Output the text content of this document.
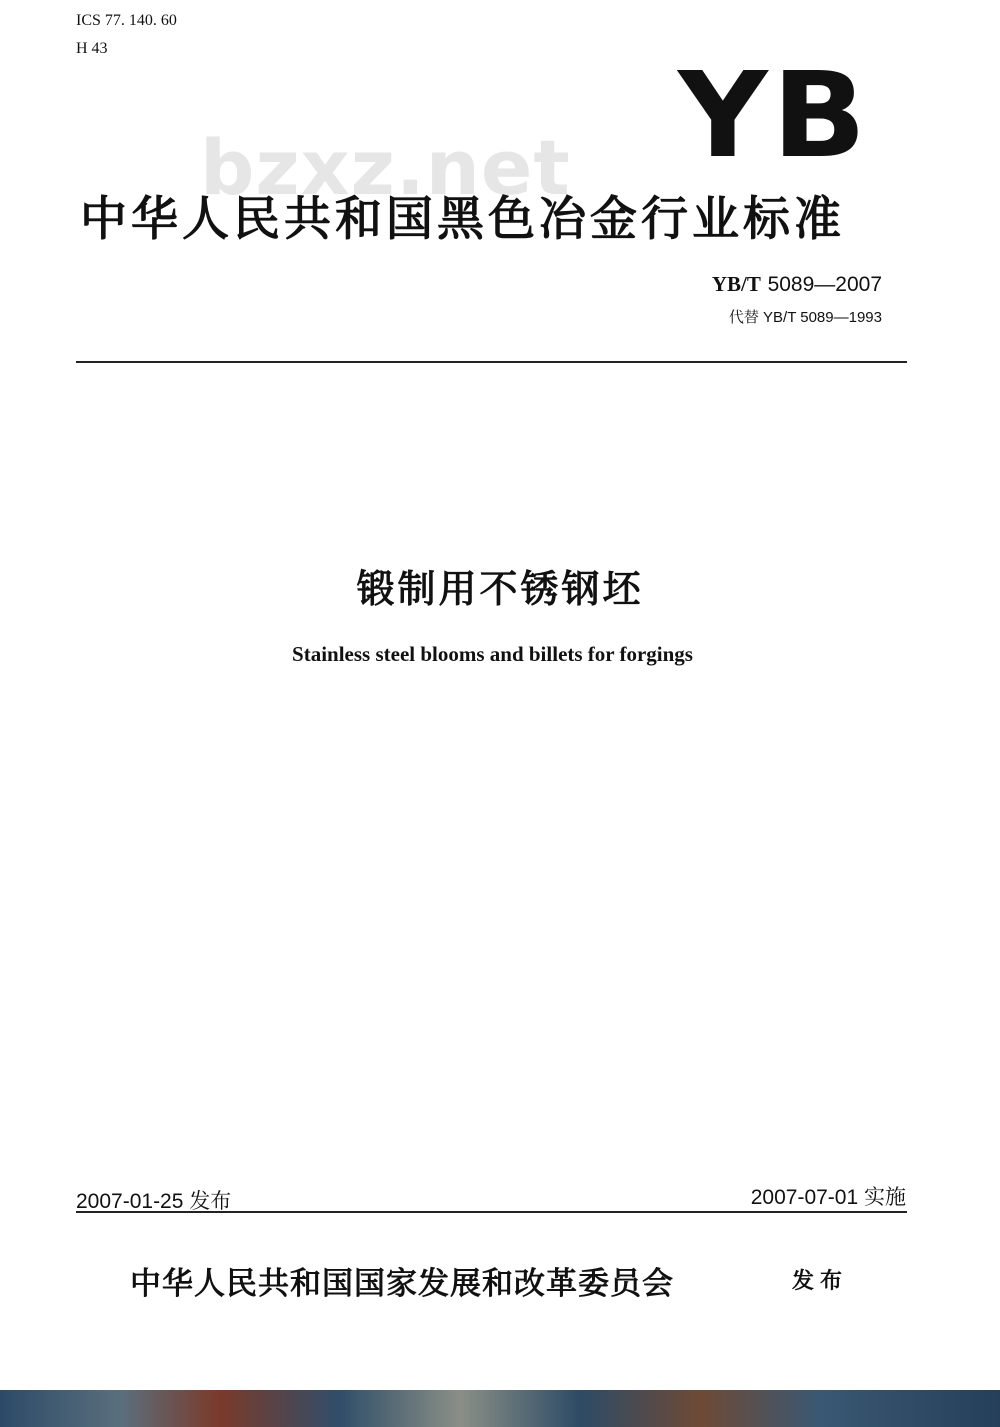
ICS 77. 140. 60
H 43
bzxz.net YB
中华人民共和国黑色冶金行业标准
YB/T 5089—2007
代替 YB/T 5089—1993
锻制用不锈钢坯
Stainless steel blooms and billets for forgings
2007-01-25 发布	2007-07-01 实施
中华人民共和国国家发展和改革委员会	发布
